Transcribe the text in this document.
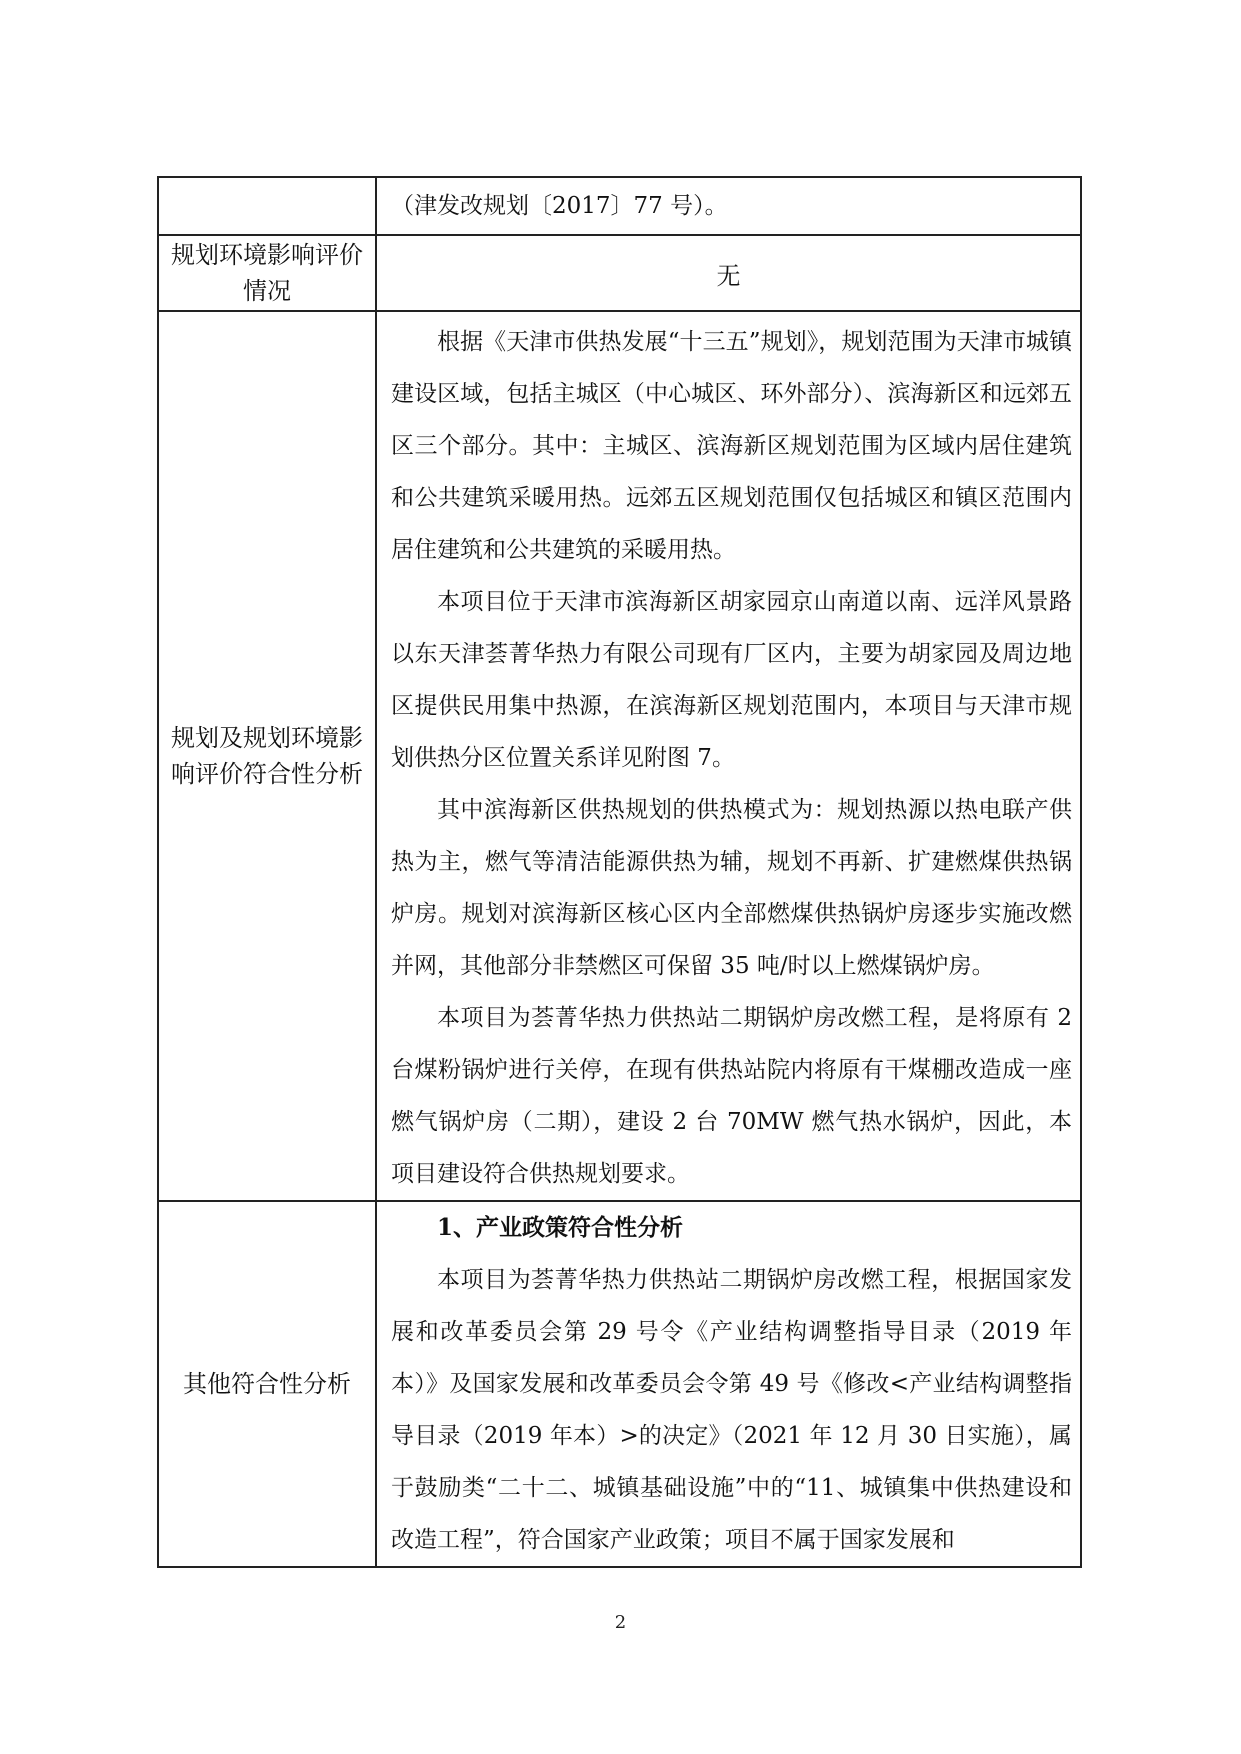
	（津发改规划〔2017〕77 号）。

规划环境影响评价情况	无
规划及规划环境影响评价符合性分析	根据《天津市供热发展“十三五”规划》，规划范围为天津市城镇建设区域，包括主城区（中心城区、环外部分）、滨海新区和远郊五区三个部分。其中：主城区、滨海新区规划范围为区域内居住建筑和公共建筑采暖用热。远郊五区规划范围仅包括城区和镇区范围内居住建筑和公共建筑的采暖用热。

本项目位于天津市滨海新区胡家园京山南道以南、远洋风景路以东天津荟菁华热力有限公司现有厂区内，主要为胡家园及周边地区提供民用集中热源，在滨海新区规划范围内，本项目与天津市规划供热分区位置关系详见附图 7。

其中滨海新区供热规划的供热模式为：规划热源以热电联产供热为主，燃气等清洁能源供热为辅，规划不再新、扩建燃煤供热锅炉房。规划对滨海新区核心区内全部燃煤供热锅炉房逐步实施改燃并网，其他部分非禁燃区可保留 35 吨/时以上燃煤锅炉房。

本项目为荟菁华热力供热站二期锅炉房改燃工程，是将原有 2 台煤粉锅炉进行关停，在现有供热站院内将原有干煤棚改造成一座燃气锅炉房（二期），建设 2 台 70MW 燃气热水锅炉，因此，本项目建设符合供热规划要求。

其他符合性分析	1、产业政策符合性分析

本项目为荟菁华热力供热站二期锅炉房改燃工程，根据国家发展和改革委员会第 29 号令《产业结构调整指导目录（2019 年本）》及国家发展和改革委员会令第 49 号《修改<产业结构调整指导目录（2019 年本）>的决定》（2021 年 12 月 30 日实施），属于鼓励类“二十二、城镇基础设施”中的“11、城镇集中供热建设和改造工程”，符合国家产业政策；项目不属于国家发展和

2
